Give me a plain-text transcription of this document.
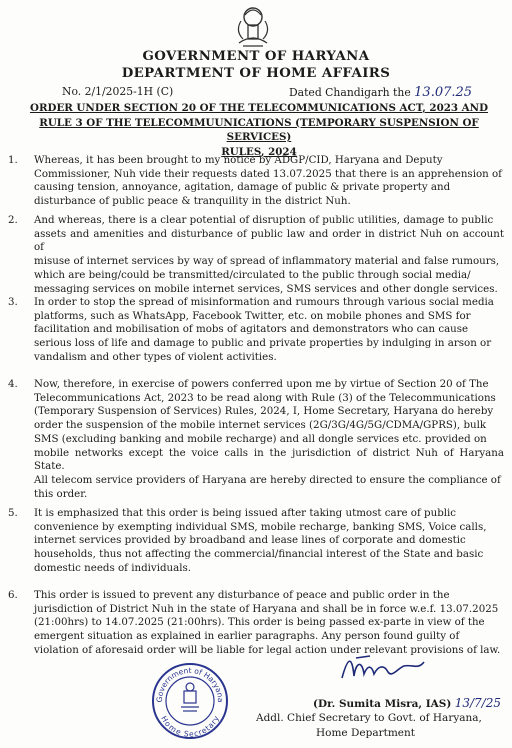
GOVERNMENT OF HARYANA
DEPARTMENT OF HOME AFFAIRS
No. 2/1/2025-1H (C)	Dated Chandigarh the 13.07.25
ORDER UNDER SECTION 20 OF THE TELECOMMUNICATIONS ACT, 2023 AND
RULE 3 OF THE TELECOMMUUNICATIONS (TEMPORARY SUSPENSION OF SERVICES)
RULES, 2024
1. Whereas, it has been brought to my notice by ADGP/CID, Haryana and Deputy
Commissioner, Nuh vide their requests dated 13.07.2025 that there is an apprehension of
causing tension, annoyance, agitation, damage of public & private property and
disturbance of public peace & tranquility in the district Nuh.
2. And whereas, there is a clear potential of disruption of public utilities, damage to public
assets and amenities and disturbance of public law and order in district Nuh on account of
misuse of internet services by way of spread of inflammatory material and false rumours,
which are being/could be transmitted/circulated to the public through social media/
messaging services on mobile internet services, SMS services and other dongle services.
3. In order to stop the spread of misinformation and rumours through various social media
platforms, such as WhatsApp, Facebook Twitter, etc. on mobile phones and SMS for
facilitation and mobilisation of mobs of agitators and demonstrators who can cause
serious loss of life and damage to public and private properties by indulging in arson or
vandalism and other types of violent activities.
4. Now, therefore, in exercise of powers conferred upon me by virtue of Section 20 of The
Telecommunications Act, 2023 to be read along with Rule (3) of the Telecommunications
(Temporary Suspension of Services) Rules, 2024, I, Home Secretary, Haryana do hereby
order the suspension of the mobile internet services (2G/3G/4G/5G/CDMA/GPRS), bulk
SMS (excluding banking and mobile recharge) and all dongle services etc. provided on
mobile networks except the voice calls in the jurisdiction of district Nuh of Haryana State.
All telecom service providers of Haryana are hereby directed to ensure the compliance of
this order.
5. It is emphasized that this order is being issued after taking utmost care of public
convenience by exempting individual SMS, mobile recharge, banking SMS, Voice calls,
internet services provided by broadband and lease lines of corporate and domestic
households, thus not affecting the commercial/financial interest of the State and basic
domestic needs of individuals.
6. This order is issued to prevent any disturbance of peace and public order in the
jurisdiction of District Nuh in the state of Haryana and shall be in force w.e.f. 13.07.2025
(21:00hrs) to 14.07.2025 (21:00hrs). This order is being passed ex-parte in view of the
emergent situation as explained in earlier paragraphs. Any person found guilty of
violation of aforesaid order will be liable for legal action under relevant provisions of law.
Government of Haryana
Home Secretary
(Dr. Sumita Misra, IAS) 13/7/25
Addl. Chief Secretary to Govt. of Haryana,
Home Department
